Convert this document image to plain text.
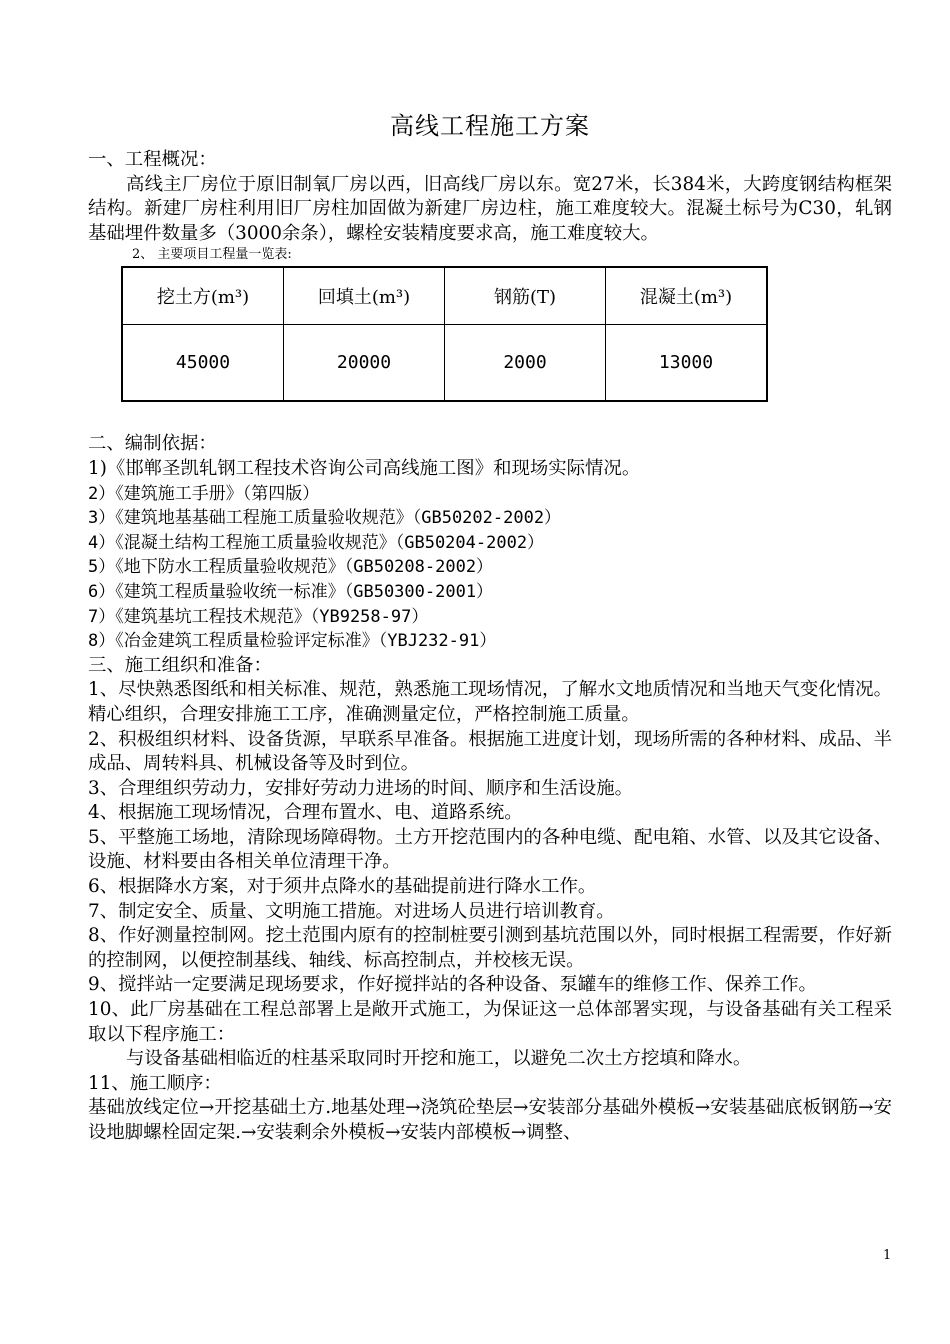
高线工程施工方案

一、工程概况：

高线主厂房位于原旧制氧厂房以西，旧高线厂房以东。宽27米，长384米，大跨度钢结构框架结构。新建厂房柱利用旧厂房柱加固做为新建厂房边柱，施工难度较大。混凝土标号为C30，轧钢基础埋件数量多（3000余条），螺栓安装精度要求高，施工难度较大。

2、 主要项目工程量一览表:

挖土方(m³)	回填土(m³)	钢筋(T)	混凝土(m³)
45000	20000	2000	13000

二、编制依据：

1)《邯郸圣凯轧钢工程技术咨询公司高线施工图》和现场实际情况。

2）《建筑施工手册》（第四版）

3）《建筑地基基础工程施工质量验收规范》（GB50202-2002）

4）《混凝土结构工程施工质量验收规范》（GB50204-2002）

5）《地下防水工程质量验收规范》（GB50208-2002）

6）《建筑工程质量验收统一标准》（GB50300-2001）

7）《建筑基坑工程技术规范》（YB9258-97）

8）《冶金建筑工程质量检验评定标准》（YBJ232-91）

三、施工组织和准备：

1、尽快熟悉图纸和相关标准、规范，熟悉施工现场情况，了解水文地质情况和当地天气变化情况。精心组织，合理安排施工工序，准确测量定位，严格控制施工质量。

2、积极组织材料、设备货源，早联系早准备。根据施工进度计划，现场所需的各种材料、成品、半成品、周转料具、机械设备等及时到位。

3、合理组织劳动力，安排好劳动力进场的时间、顺序和生活设施。

4、根据施工现场情况，合理布置水、电、道路系统。

5、平整施工场地，清除现场障碍物。土方开挖范围内的各种电缆、配电箱、水管、以及其它设备、设施、材料要由各相关单位清理干净。

6、根据降水方案，对于须井点降水的基础提前进行降水工作。

7、制定安全、质量、文明施工措施。对进场人员进行培训教育。

8、作好测量控制网。挖土范围内原有的控制桩要引测到基坑范围以外，同时根据工程需要，作好新的控制网，以便控制基线、轴线、标高控制点，并校核无误。

9、搅拌站一定要满足现场要求，作好搅拌站的各种设备、泵罐车的维修工作、保养工作。

10、此厂房基础在工程总部署上是敞开式施工，为保证这一总体部署实现，与设备基础有关工程采取以下程序施工：

与设备基础相临近的柱基采取同时开挖和施工，以避免二次土方挖填和降水。

11、施工顺序：

基础放线定位→开挖基础土方.地基处理→浇筑砼垫层→安装部分基础外模板→安装基础底板钢筋→安设地脚螺栓固定架.→安装剩余外模板→安装内部模板→调整、

1
